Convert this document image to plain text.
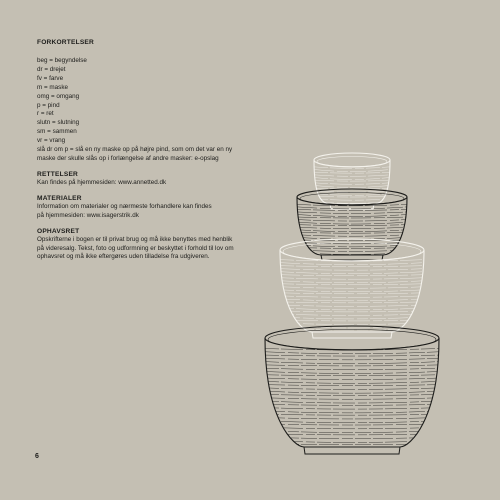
FORKORTELSER

beg = begyndelse
dr = drejet
fv = farve
m = maske
omg = omgang
p = pind
r = ret
slutn = slutning
sm = sammen
vr = vrang
slå dr om p = slå en ny maske op på højre pind, som om det var en ny
maske der skulle slås op i forlængelse af andre masker: e-opslag

RETTELSER

Kan findes på hjemmesiden: www.annetted.dk

MATERIALER

Information om materialer og nærmeste forhandlere kan findes
på hjemmesiden: www.isagerstrik.dk

OPHAVSRET

Opskrifterne i bogen er til privat brug og må ikke benyttes med henblik
på videresalg. Tekst, foto og udformning er beskyttet i forhold til lov om
ophavsret og må ikke eftergøres uden tilladelse fra udgiveren.
6
